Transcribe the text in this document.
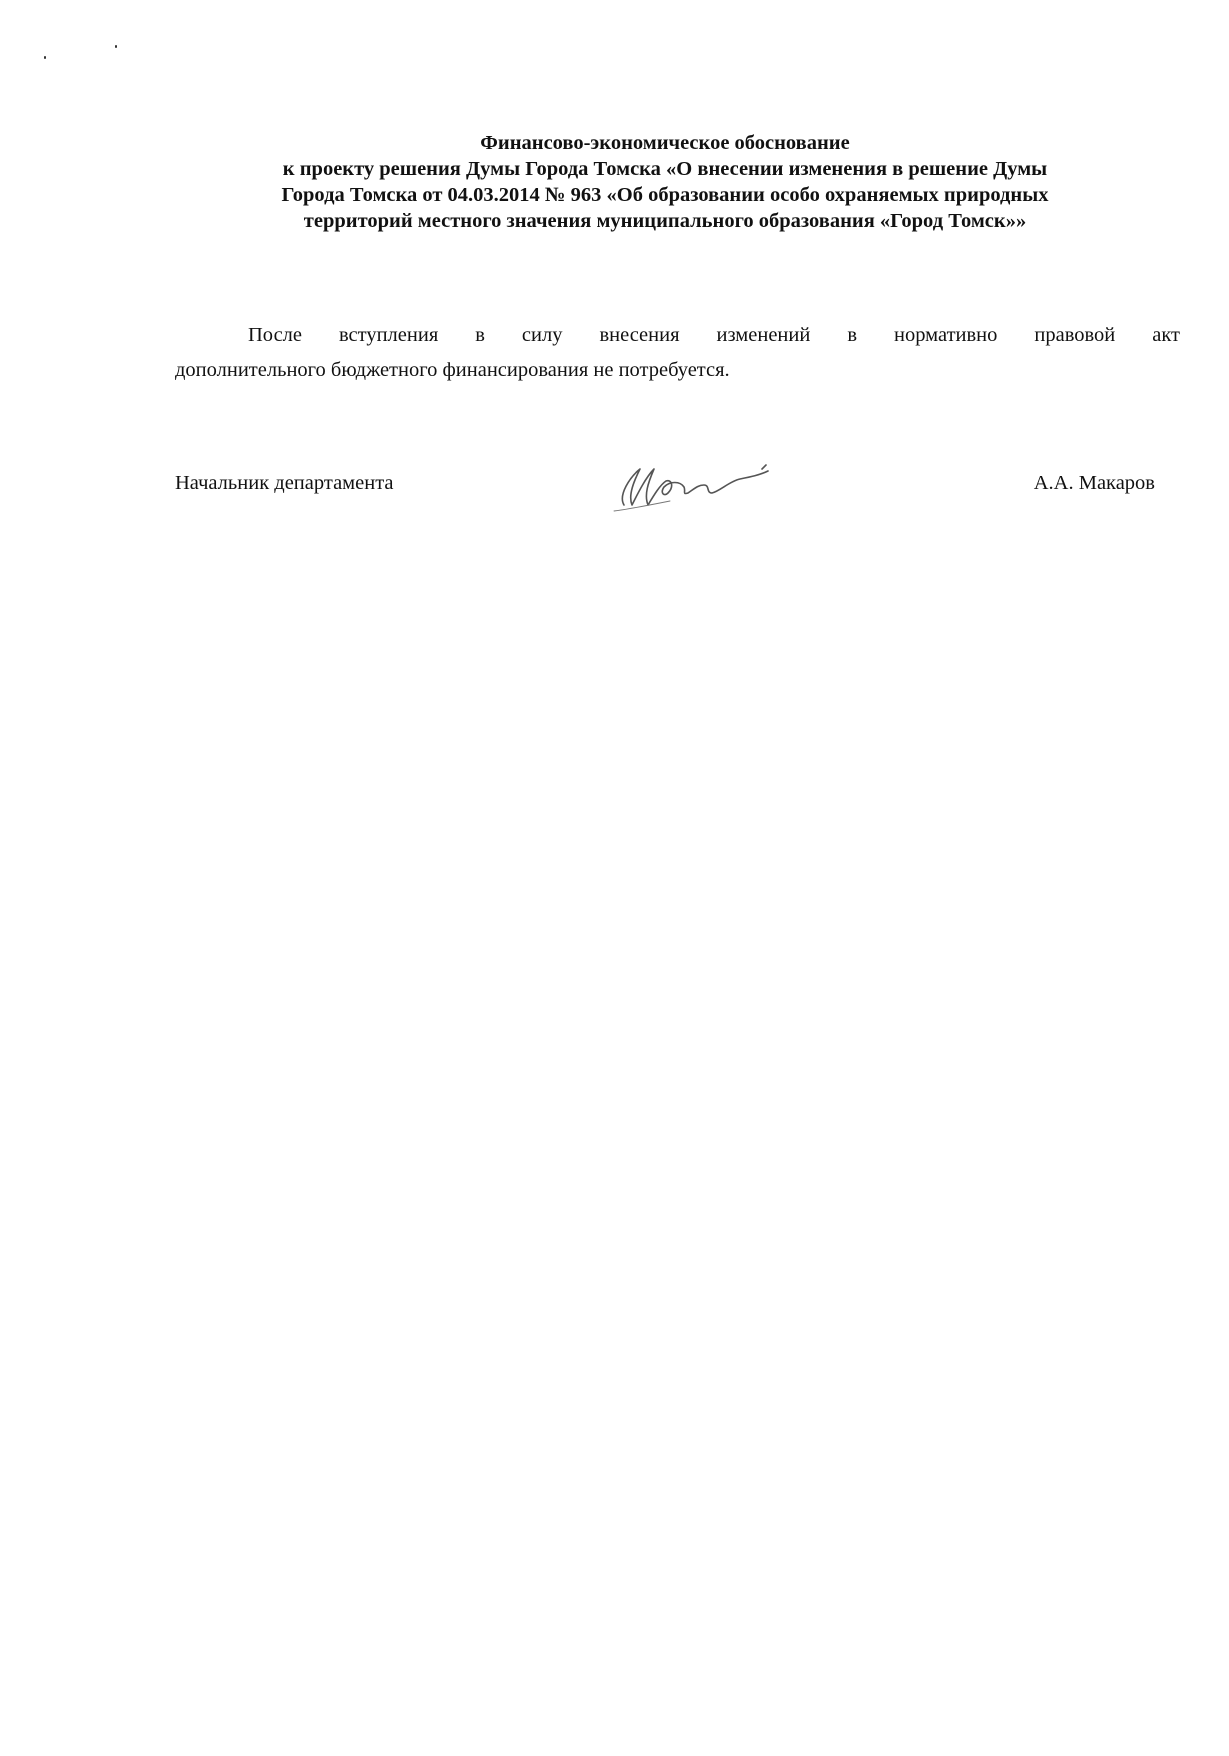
Финансово-экономическое обоснование
к проекту решения Думы Города Томска «О внесении изменения в решение Думы
Города Томска от 04.03.2014 № 963 «Об образовании особо охраняемых природных
территорий местного значения муниципального образования «Город Томск»»
После вступления в силу внесения изменений в нормативно правовой акт
дополнительного бюджетного финансирования не потребуется.
Начальник департамента	А.А. Макаров
